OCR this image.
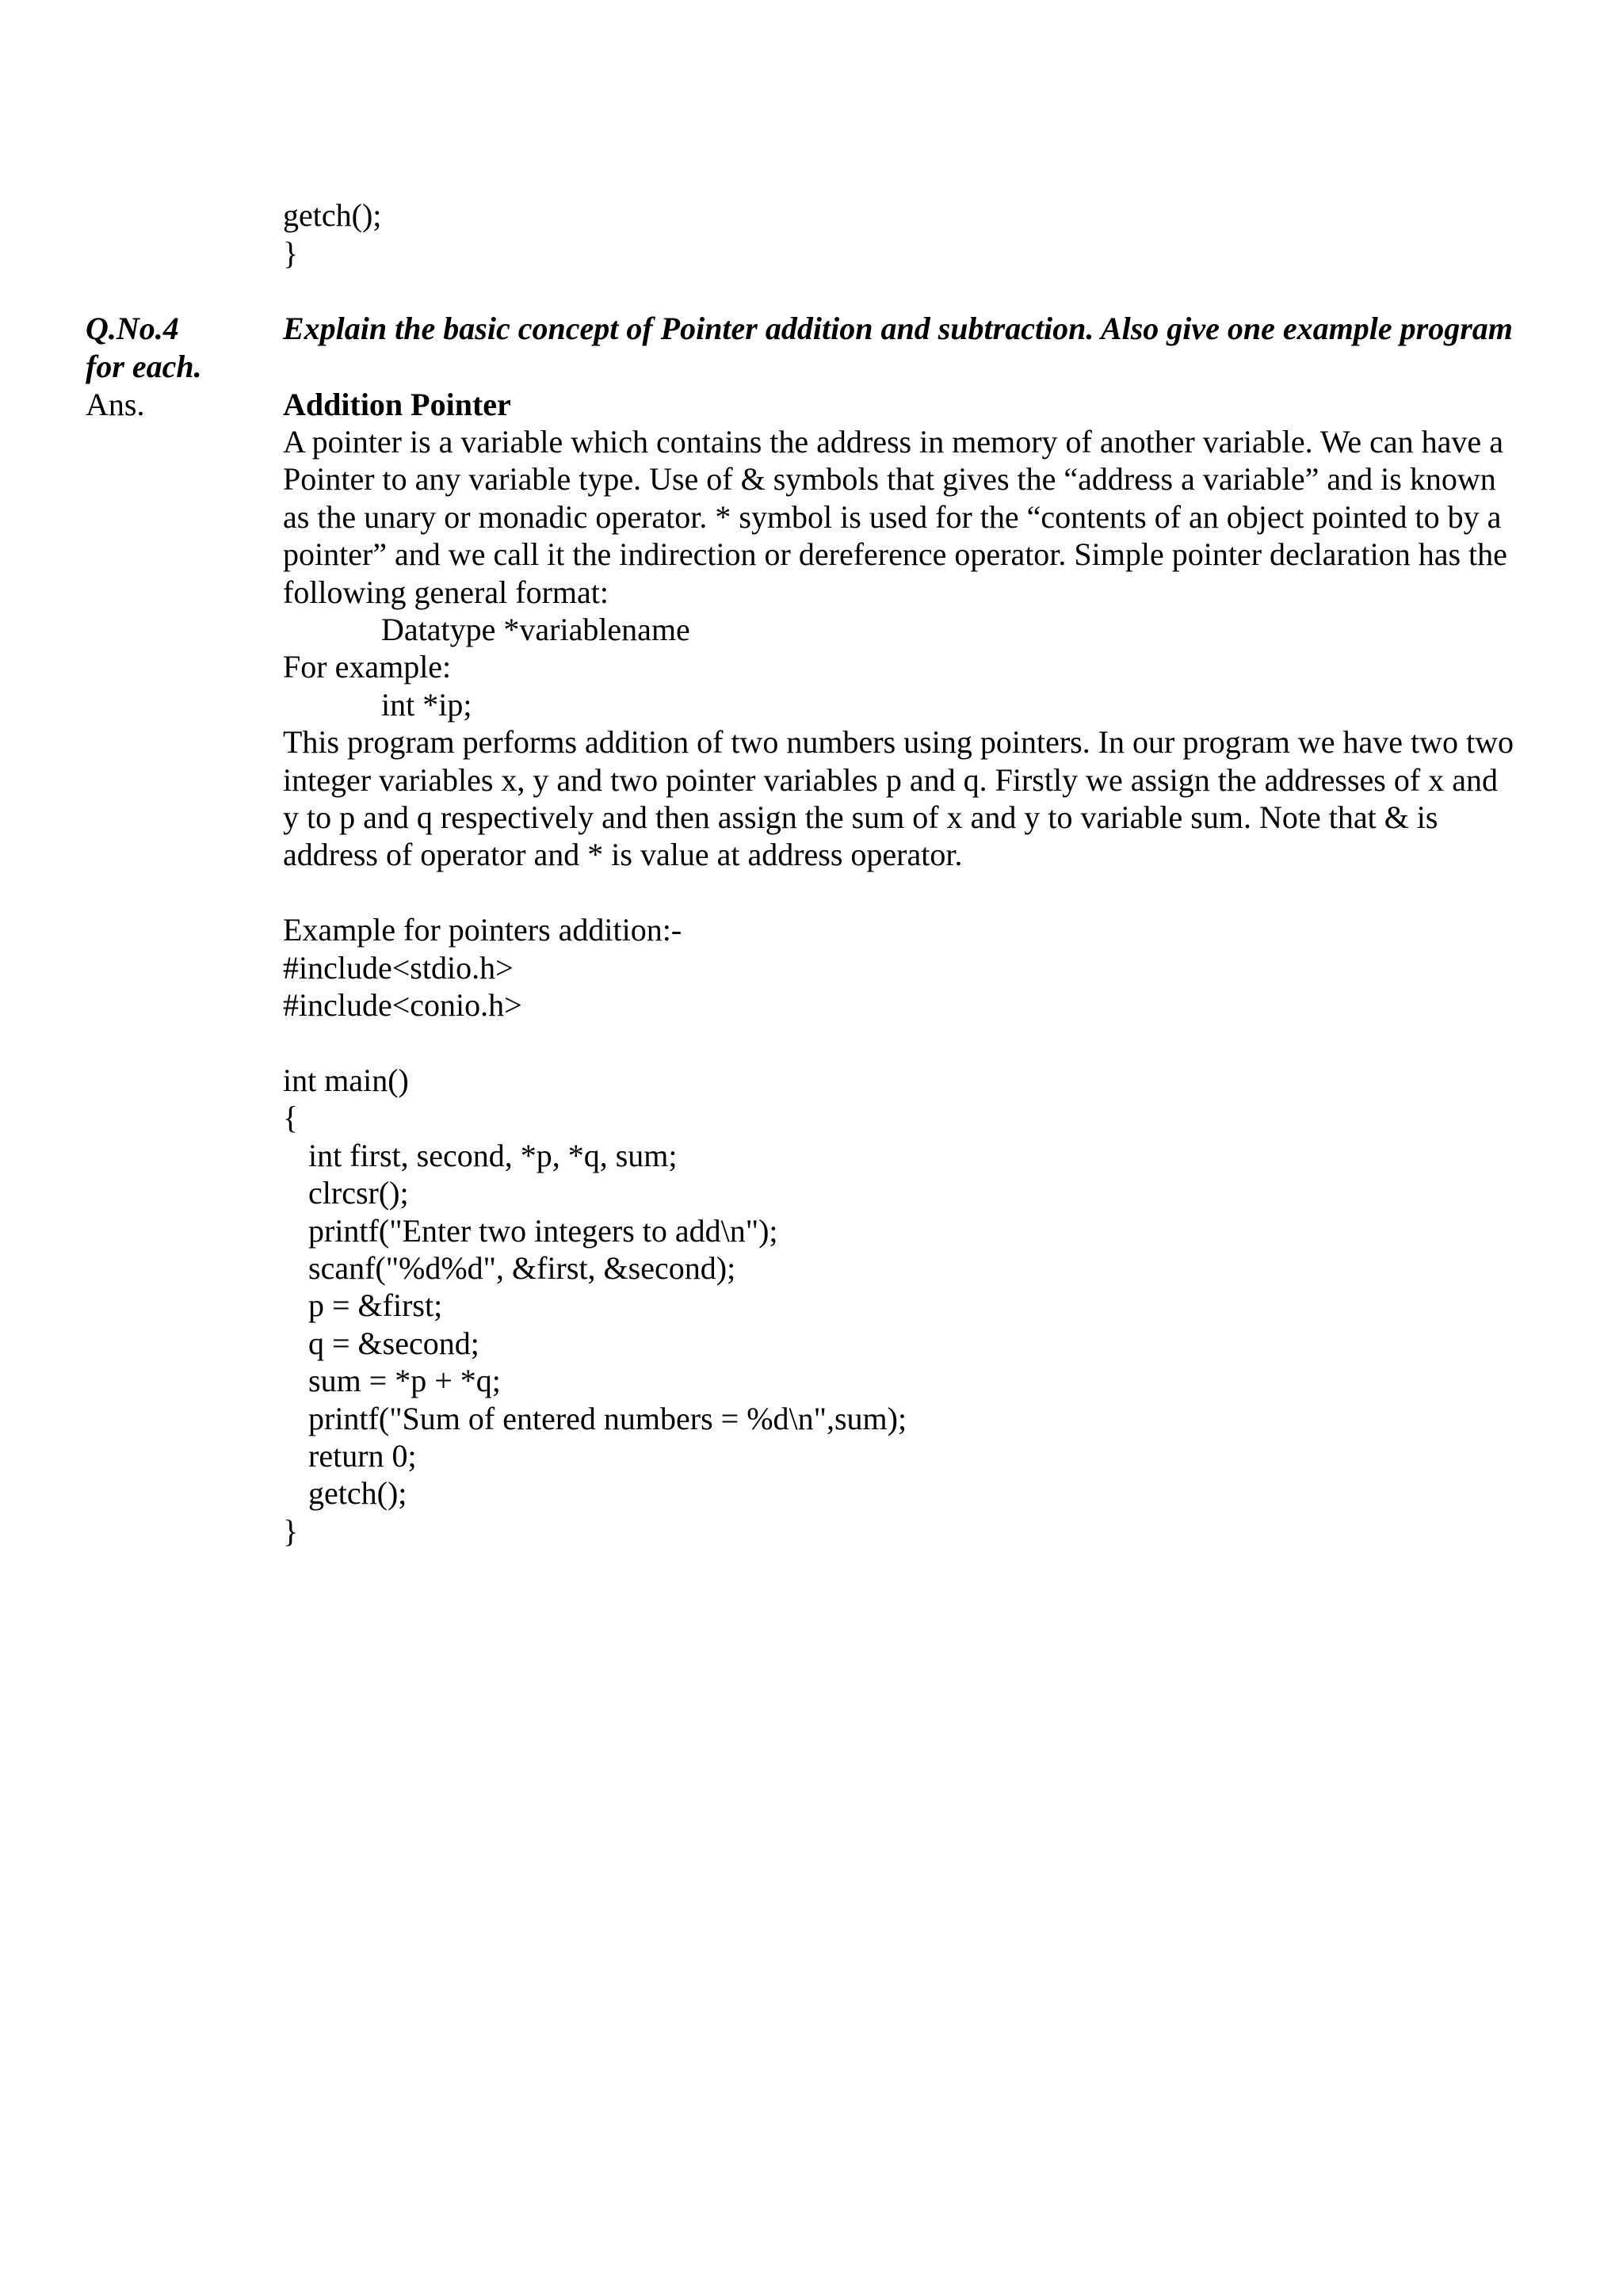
getch();
}
Q.No.4	Explain the basic concept of Pointer addition and subtraction. Also give one example program
for each.
Ans.	Addition Pointer
A pointer is a variable which contains the address in memory of another variable. We can have a
Pointer to any variable type. Use of & symbols that gives the “address a variable” and is known
as the unary or monadic operator. * symbol is used for the “contents of an object pointed to by a
pointer” and we call it the indirection or dereference operator. Simple pointer declaration has the
following general format:
Datatype *variablename
For example:
int *ip;
This program performs addition of two numbers using pointers. In our program we have two two
integer variables x, y and two pointer variables p and q. Firstly we assign the addresses of x and
y to p and q respectively and then assign the sum of x and y to variable sum. Note that & is
address of operator and * is value at address operator.
Example for pointers addition:-
#include<stdio.h>
#include<conio.h>
int main()
{
int first, second, *p, *q, sum;
clrcsr();
printf("Enter two integers to add\n");
scanf("%d%d", &first, &second);
p = &first;
q = &second;
sum = *p + *q;
printf("Sum of entered numbers = %d\n",sum);
return 0;
getch();
}
